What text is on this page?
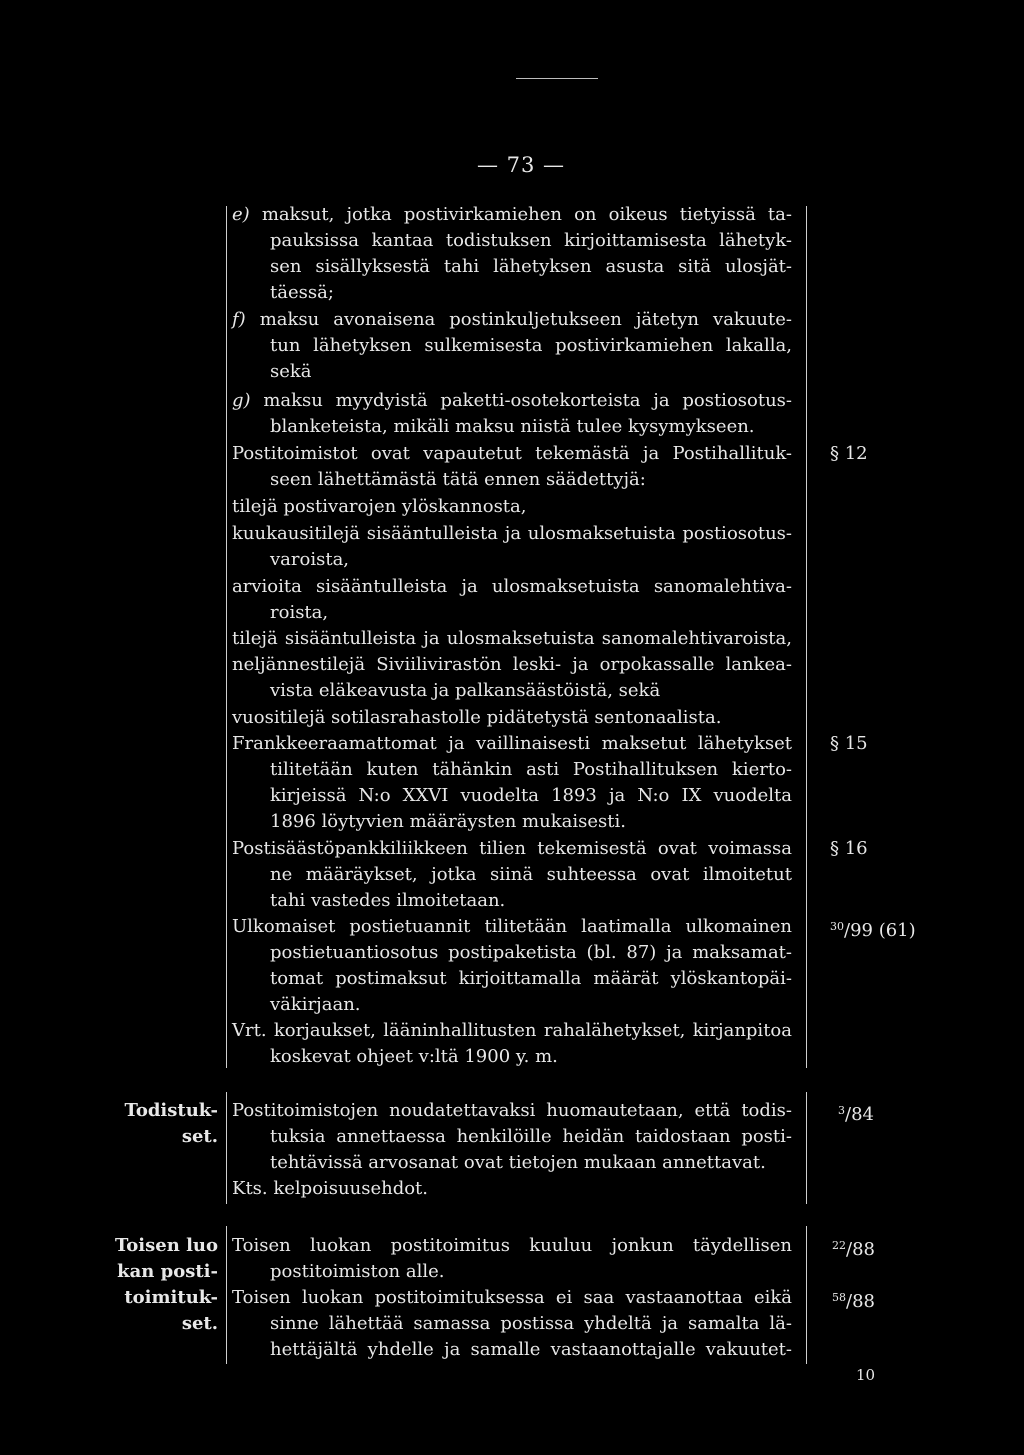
— 73 —
e) maksut, jotka postivirkamiehen on oikeus tietyissä ta-
pauksissa kantaa todistuksen kirjoittamisesta lähetyk-
sen sisällyksestä tahi lähetyksen asusta sitä ulosjät-
täessä;
f) maksu avonaisena postinkuljetukseen jätetyn vakuute-
tun lähetyksen sulkemisesta postivirkamiehen lakalla,
sekä
g) maksu myydyistä paketti-osotekorteista ja postiosotus-
blanketeista, mikäli maksu niistä tulee kysymykseen.
Postitoimistot ovat vapautetut tekemästä ja Postihallituk-
seen lähettämästä tätä ennen säädettyjä:
tilejä postivarojen ylöskannosta,
kuukausitilejä sisääntulleista ja ulosmaksetuista postiosotus-
varoista,
arvioita sisääntulleista ja ulosmaksetuista sanomalehtiva-
roista,
tilejä sisääntulleista ja ulosmaksetuista sanomalehtivaroista,
neljännestilejä Siviilivirastön leski- ja orpokassalle lankea-
vista eläkeavusta ja palkansäästöistä, sekä
vuositilejä sotilasrahastolle pidätetystä sentonaalista.
Frankkeeraamattomat ja vaillinaisesti maksetut lähetykset
tilitetään kuten tähänkin asti Postihallituksen kierto-
kirjeissä N:o XXVI vuodelta 1893 ja N:o IX vuodelta
1896 löytyvien määräysten mukaisesti.
Postisäästöpankkiliikkeen tilien tekemisestä ovat voimassa
ne määräykset, jotka siinä suhteessa ovat ilmoitetut
tahi vastedes ilmoitetaan.
Ulkomaiset postietuannit tilitetään laatimalla ulkomainen
postietuantiosotus postipaketista (bl. 87) ja maksamat-
tomat postimaksut kirjoittamalla määrät ylöskantopäi-
väkirjaan.
Vrt. korjaukset, lääninhallitusten rahalähetykset, kirjanpitoa
koskevat ohjeet v:ltä 1900 y. m.
Postitoimistojen noudatettavaksi huomautetaan, että todis-
tuksia annettaessa henkilöille heidän taidostaan posti-
tehtävissä arvosanat ovat tietojen mukaan annettavat.
Kts. kelpoisuusehdot.
Toisen luokan postitoimitus kuuluu jonkun täydellisen
postitoimiston alle.
Toisen luokan postitoimituksessa ei saa vastaanottaa eikä
sinne lähettää samassa postissa yhdeltä ja samalta lä-
hettäjältä yhdelle ja samalle vastaanottajalle vakuutet-
§ 12
§ 15
§ 16
$^{30}$/99 (61)
$^3$/84
$^{22}$/88
$^{58}$/88
Todistuk-
set.
Toisen luo
kan posti-
toimituk-
set.
10
